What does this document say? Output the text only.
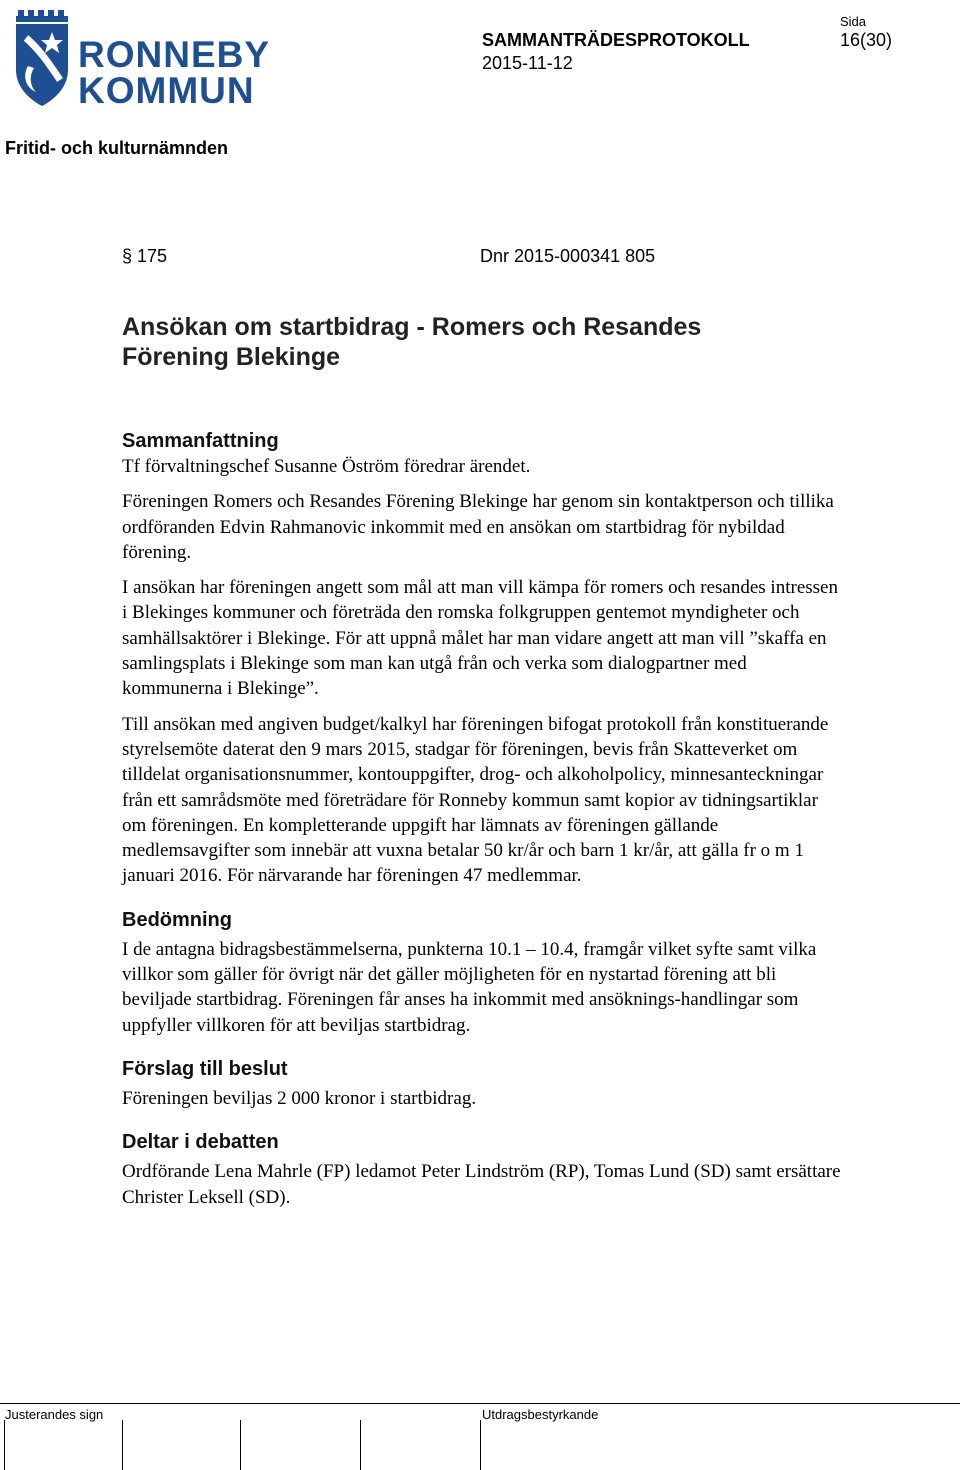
RONNEBY
KOMMUN
SAMMANTRÄDESPROTOKOLL
2015-11-12
Sida
16(30)
Fritid- och kulturnämnden
§ 175	Dnr 2015-000341 805
Ansökan om startbidrag - Romers och Resandes
Förening Blekinge
Sammanfattning

Tf förvaltningschef Susanne Öström föredrar ärendet.

Föreningen Romers och Resandes Förening Blekinge har genom sin kontaktperson och tillika ordföranden Edvin Rahmanovic inkommit med en ansökan om startbidrag för nybildad förening.

I ansökan har föreningen angett som mål att man vill kämpa för romers och resandes intressen i Blekinges kommuner och företräda den romska folkgruppen gentemot myndigheter och samhällsaktörer i Blekinge. För att uppnå målet har man vidare angett att man vill ”skaffa en samlingsplats i Blekinge som man kan utgå från och verka som dialogpartner med kommunerna i Blekinge”.

Till ansökan med angiven budget/kalkyl har föreningen bifogat protokoll från konstituerande styrelsemöte daterat den 9 mars 2015, stadgar för föreningen, bevis från Skatteverket om tilldelat organisationsnummer, kontouppgifter, drog- och alkoholpolicy, minnesanteckningar från ett samrådsmöte med företrädare för Ronneby kommun samt kopior av tidningsartiklar om föreningen. En kompletterande uppgift har lämnats av föreningen gällande medlemsavgifter som innebär att vuxna betalar 50 kr/år och barn 1 kr/år, att gälla fr o m 1 januari 2016. För närvarande har föreningen 47 medlemmar.

Bedömning

I de antagna bidragsbestämmelserna, punkterna 10.1 – 10.4, framgår vilket syfte samt vilka villkor som gäller för övrigt när det gäller möjligheten för en nystartad förening att bli beviljade startbidrag. Föreningen får anses ha inkommit med ansöknings-handlingar som uppfyller villkoren för att beviljas startbidrag.

Förslag till beslut

Föreningen beviljas 2 000 kronor i startbidrag.

Deltar i debatten

Ordförande Lena Mahrle (FP) ledamot Peter Lindström (RP), Tomas Lund (SD) samt ersättare Christer Leksell (SD).

Justerandes sign	Utdragsbestyrkande
